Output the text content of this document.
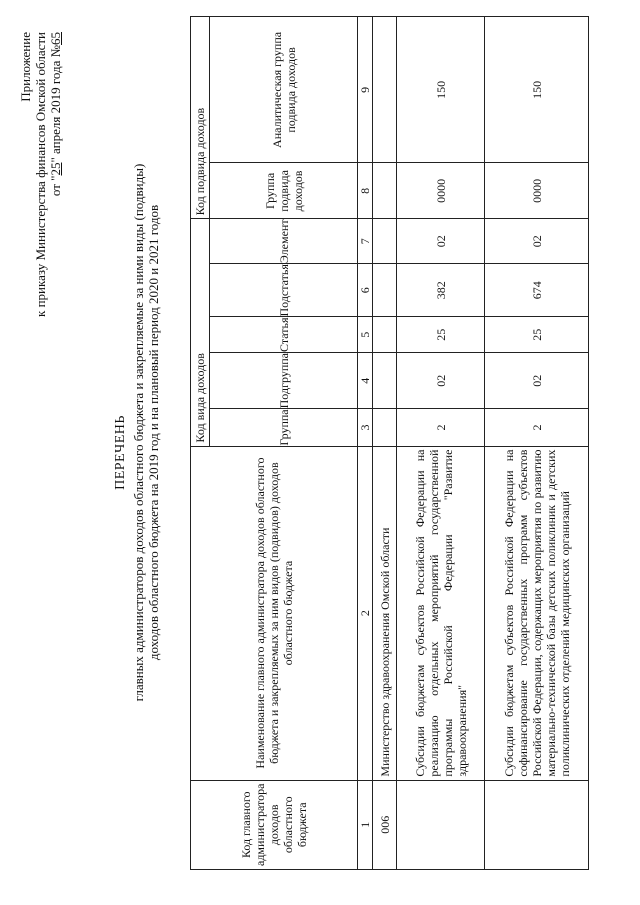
Приложение к приказу Министерства финансов Омской области от "25" апреля 2019 года №65
ПЕРЕЧЕНЬ главных администраторов доходов областного бюджета и закрепляемые за ними виды (подвиды) доходов областного бюджета на 2019 год и на плановый период 2020 и 2021 годов
Код главного администратора доходов областного бюджета	Наименование главного администратора доходов областного бюджета и закрепляемых за ним видов (подвидов) доходов областного бюджета	Код вида доходов					Код подвида доходов	
		Группа	Подгруппа	Статья	Подстатья	Элемент	Группа подвида доходов	Аналитическая группа подвида доходов
1	2	3	4	5	6	7	8	9
006	Министерство здравоохранения Омской области							
	Субсидии бюджетам субъектов Российской Федерации на реализацию отдельных мероприятий государственной программы Российской Федерации "Развитие здравоохранения"	2	02	25	382	02	0000	150
	Субсидии бюджетам субъектов Российской Федерации на софинансирование государственных программ субъектов Российской Федерации, содержащих мероприятия по развитию материально-технической базы детских поликлиник и детских поликлинических отделений медицинских организаций	2	02	25	674	02	0000	150
